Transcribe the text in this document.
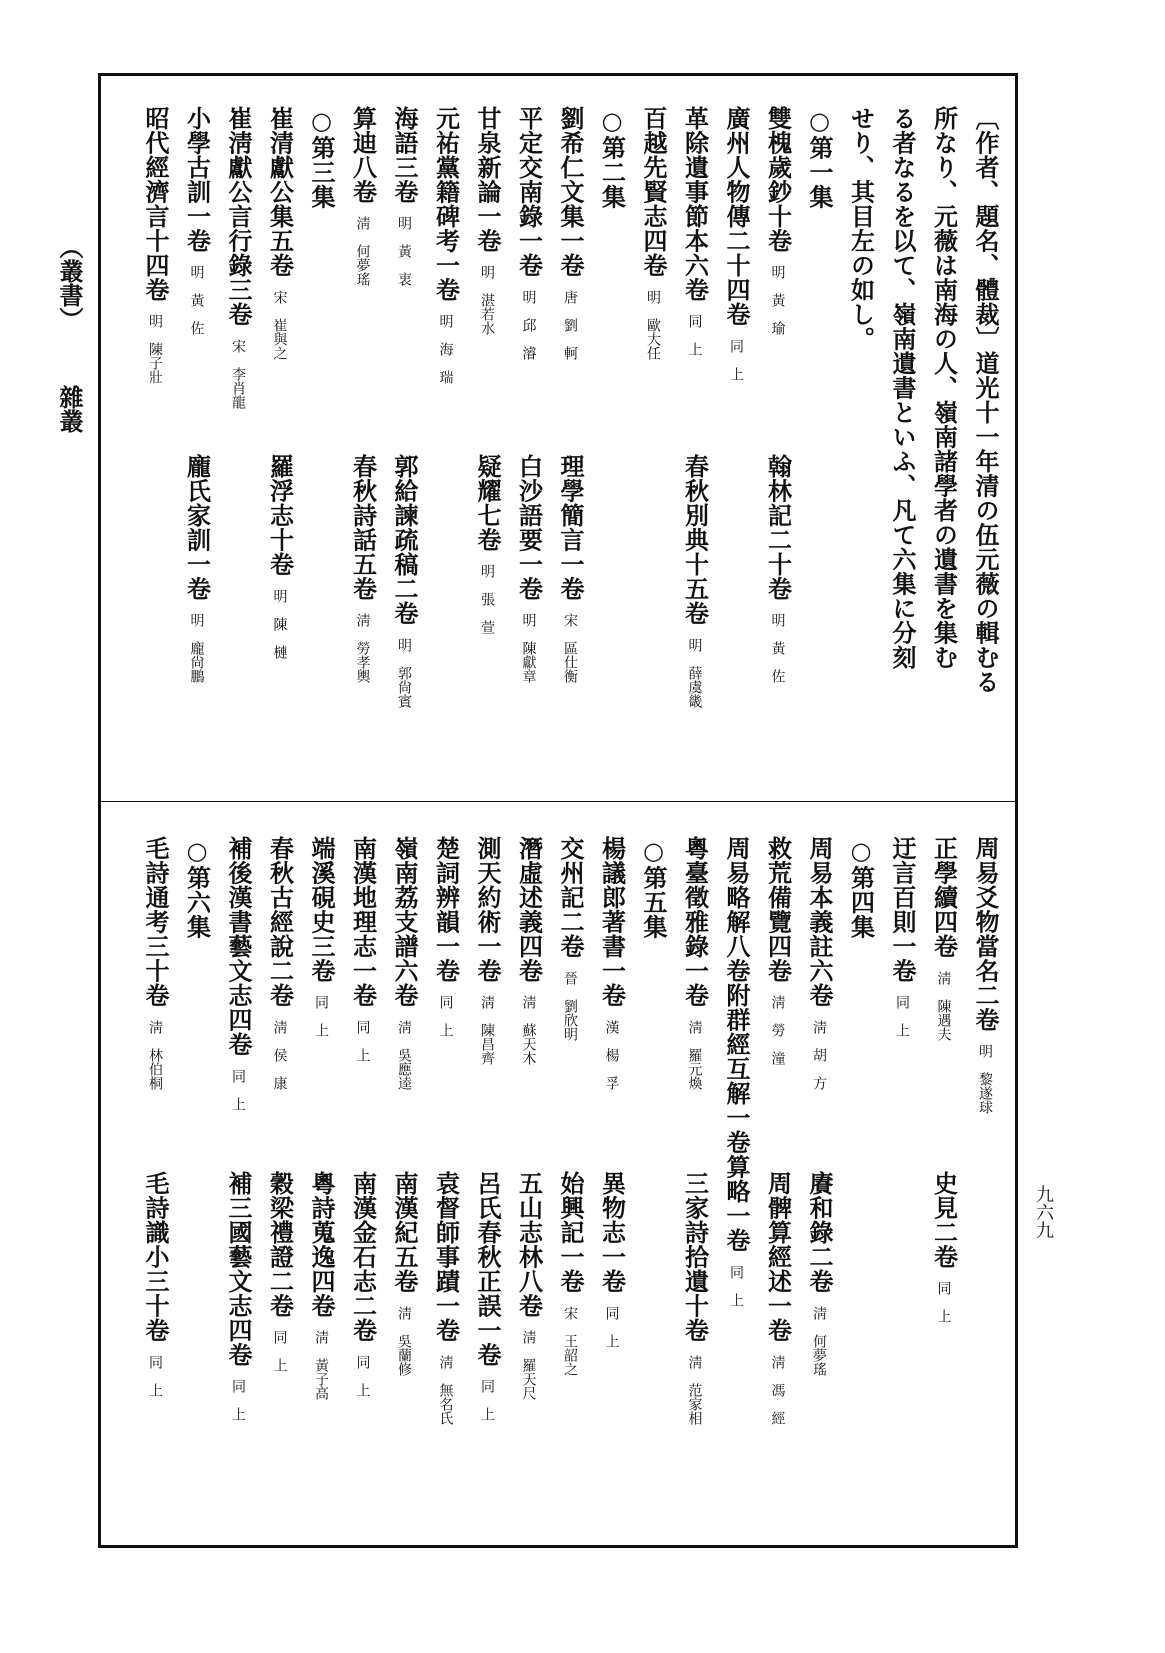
〔作者、題名、體裁〕道光十一年清の伍元薇の輯むる
所なり、元薇は南海の人、嶺南諸學者の遺書を集む
る者なるを以て、嶺南遺書といふ、凡て六集に分刻
せり、其目左の如し。
○第一集
雙槐歲鈔十卷明　黃　瑜
翰林記二十卷明　黃　佐
廣州人物傳二十四卷同　上
革除遺事節本六卷同　上
春秋別典十五卷明　薛虞畿
百越先賢志四卷明　歐大任
○第二集
劉希仁文集一卷唐　劉　軻
理學簡言一卷宋　區仕衡
平定交南錄一卷明　邱　濬
白沙語要一卷明　陳獻章
甘泉新論一卷明　湛若水
疑耀七卷明　張　萱
元祐黨籍碑考一卷明　海　瑞
海語三卷明　黃　衷
郭給諫疏稿二卷明　郭尙賓
算迪八卷淸　何夢瑤
春秋詩話五卷淸　勞孝輿
○第三集
崔清獻公集五卷宋　崔與之
羅浮志十卷明　陳　槤
崔淸獻公言行錄三卷宋　李肖龍
小學古訓一卷明　黃　佐
龐氏家訓一卷明　龐尙鵬
昭代經濟言十四卷明　陳子壯
周易爻物當名二卷明　黎遂球
正學續四卷淸　陳遇夫
史見二卷同　上
迂言百則一卷同　上
○第四集
周易本義註六卷淸　胡　方
賡和錄二卷淸　何夢瑤
救荒備覽四卷淸　勞　潼
周髀算經述一卷淸　馮　經
周易略解八卷附群經互解一卷算略一卷同　上
粵臺徵雅錄一卷淸　羅元煥
三家詩拾遺十卷淸　范家相
○第五集
楊議郎著書一卷漢　楊　孚
異物志一卷同　上
交州記二卷晉　劉欣明
始興記一卷宋　王韶之
潛虛述義四卷淸　蘇天木
五山志林八卷淸　羅天尺
測天約術一卷淸　陳昌齊
呂氏春秋正誤一卷同　上
楚詞辨韻一卷同　上
袁督師事蹟一卷淸　無名氏
嶺南荔支譜六卷淸　吳應逵
南漢紀五卷淸　吳蘭修
南漢地理志一卷同　上
南漢金石志二卷同　上
端溪硯史三卷同　上
粵詩蒐逸四卷淸　黃子高
春秋古經說二卷淸　侯　康
穀梁禮證二卷同　上
補後漢書藝文志四卷同　上
補三國藝文志四卷同　上
○第六集
毛詩通考三十卷淸　林伯桐
毛詩識小三十卷同　上
（叢書）
雜叢
九六九
